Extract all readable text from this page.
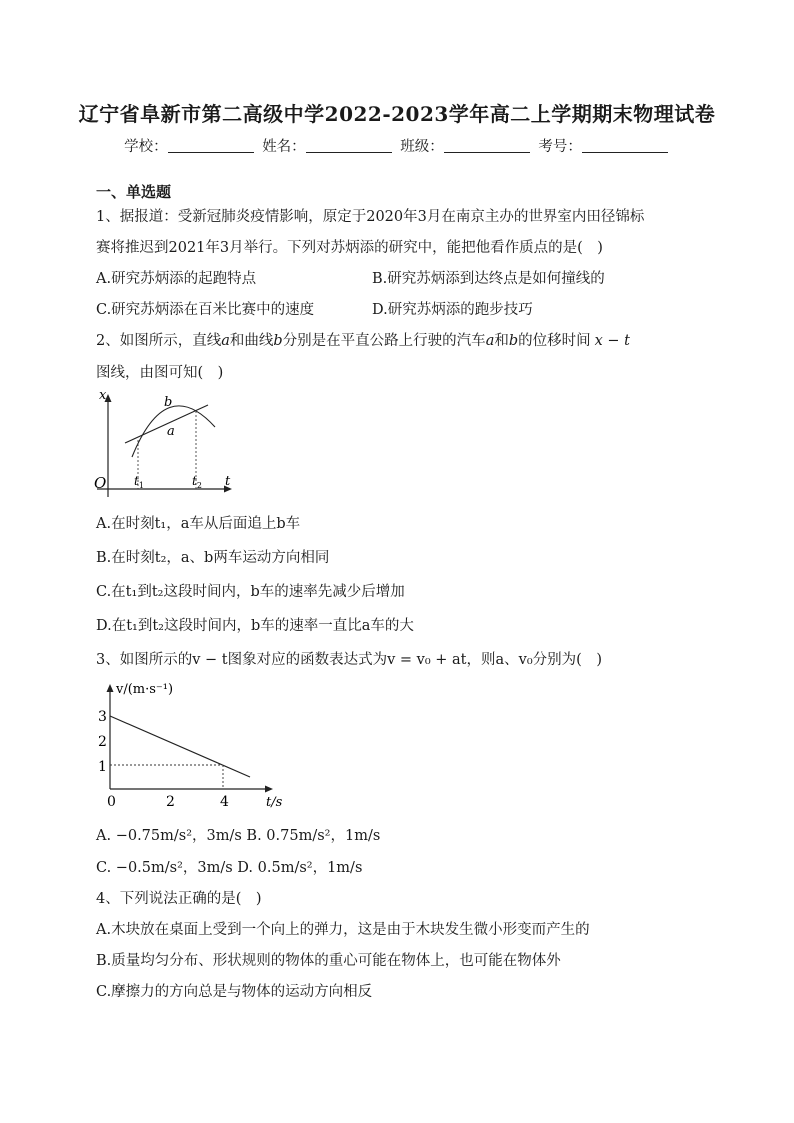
辽宁省阜新市第二高级中学2022-2023学年高二上学期期末物理试卷
学校：	姓名：	班级：	考号：
一、单选题
1、据报道：受新冠肺炎疫情影响，原定于2020年3月在南京主办的世界室内田径锦标
赛将推迟到2021年3月举行。下列对苏炳添的研究中，能把他看作质点的是(　)
A.研究苏炳添的起跑特点	B.研究苏炳添到达终点是如何撞线的
C.研究苏炳添在百米比赛中的速度	D.研究苏炳添的跑步技巧
2、如图所示，直线a和曲线b分别是在平直公路上行驶的汽车a和b的位移时间 x − t
图线，由图可知(　)
x
O	t
$t_1$	$t_2$
b
a
A.在时刻t₁，a车从后面追上b车
B.在时刻t₂，a、b两车运动方向相同
C.在t₁到t₂这段时间内，b车的速率先减少后增加
D.在t₁到t₂这段时间内，b车的速率一直比a车的大
3、如图所示的v − t图象对应的函数表达式为v = v₀ + at，则a、v₀分别为(　)
v/(m·s⁻¹)
t/s
3
2
1
0	2	4
A. −0.75m/s²，3m/s B. 0.75m/s²，1m/s
C. −0.5m/s²，3m/s D. 0.5m/s²，1m/s
4、下列说法正确的是(　)
A.木块放在桌面上受到一个向上的弹力，这是由于木块发生微小形变而产生的
B.质量均匀分布、形状规则的物体的重心可能在物体上，也可能在物体外
C.摩擦力的方向总是与物体的运动方向相反
